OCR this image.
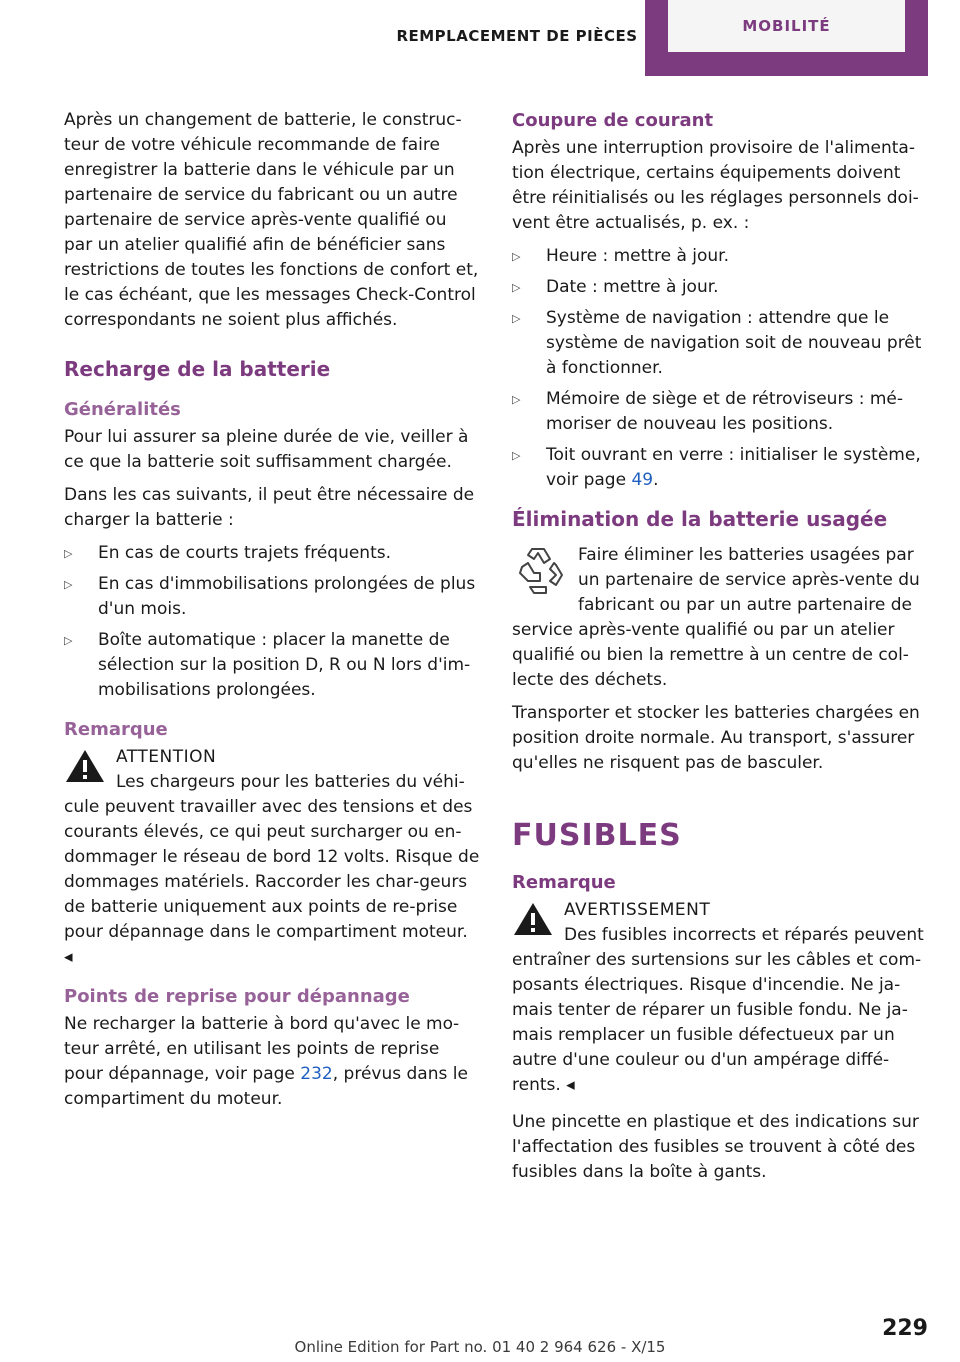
REMPLACEMENT DE PIÈCES
MOBILITÉ

Après un changement de batterie, le construc‐teur de votre véhicule recommande de faire enregistrer la batterie dans le véhicule par un partenaire de service du fabricant ou un autre partenaire de service après-vente qualifié ou par un atelier qualifié afin de bénéficier sans restrictions de toutes les fonctions de confort et, le cas échéant, que les messages Check-Control correspondants ne soient plus affichés.

Recharge de la batterie
Généralités

Pour lui assurer sa pleine durée de vie, veiller à ce que la batterie soit suffisamment chargée.

Dans les cas suivants, il peut être nécessaire de charger la batterie :

▷ En cas de courts trajets fréquents.
▷ En cas d'immobilisations prolongées de plus d'un mois.
▷ Boîte automatique : placer la manette de sélection sur la position D, R ou N lors d'im‐mobilisations prolongées.
Remarque
ATTENTION

Les chargeurs pour les batteries du véhi‐cule peuvent travailler avec des tensions et des courants élevés, ce qui peut surcharger ou en‐dommager le réseau de bord 12 volts. Risque de dommages matériels. Raccorder les char‐geurs de batterie uniquement aux points de re‐prise pour dépannage dans le compartiment moteur. ◂

Points de reprise pour dépannage

Ne recharger la batterie à bord qu'avec le mo‐teur arrêté, en utilisant les points de reprise pour dépannage, voir page 232, prévus dans le compartiment du moteur.

Coupure de courant

Après une interruption provisoire de l'alimenta‐tion électrique, certains équipements doivent être réinitialisés ou les réglages personnels doi‐vent être actualisés, p. ex. :

▷ Heure : mettre à jour.
▷ Date : mettre à jour.
▷ Système de navigation : attendre que le système de navigation soit de nouveau prêt à fonctionner.
▷ Mémoire de siège et de rétroviseurs : mé‐moriser de nouveau les positions.
▷ Toit ouvrant en verre : initialiser le système, voir page 49.
Élimination de la batterie usagée

Faire éliminer les batteries usagées par un partenaire de service après-vente du fabricant ou par un autre partenaire de service après-vente qualifié ou par un atelier qualifié ou bien la remettre à un centre de col‐lecte des déchets.

Transporter et stocker les batteries chargées en position droite normale. Au transport, s'assurer qu'elles ne risquent pas de basculer.

FUSIBLES
Remarque
AVERTISSEMENT

Des fusibles incorrects et réparés peuvent entraîner des surtensions sur les câbles et com‐posants électriques. Risque d'incendie. Ne ja‐mais tenter de réparer un fusible fondu. Ne ja‐mais remplacer un fusible défectueux par un autre d'une couleur ou d'un ampérage diffé‐rents. ◂

Une pincette en plastique et des indications sur l'affectation des fusibles se trouvent à côté des fusibles dans la boîte à gants.

229
Online Edition for Part no. 01 40 2 964 626 - X/15
